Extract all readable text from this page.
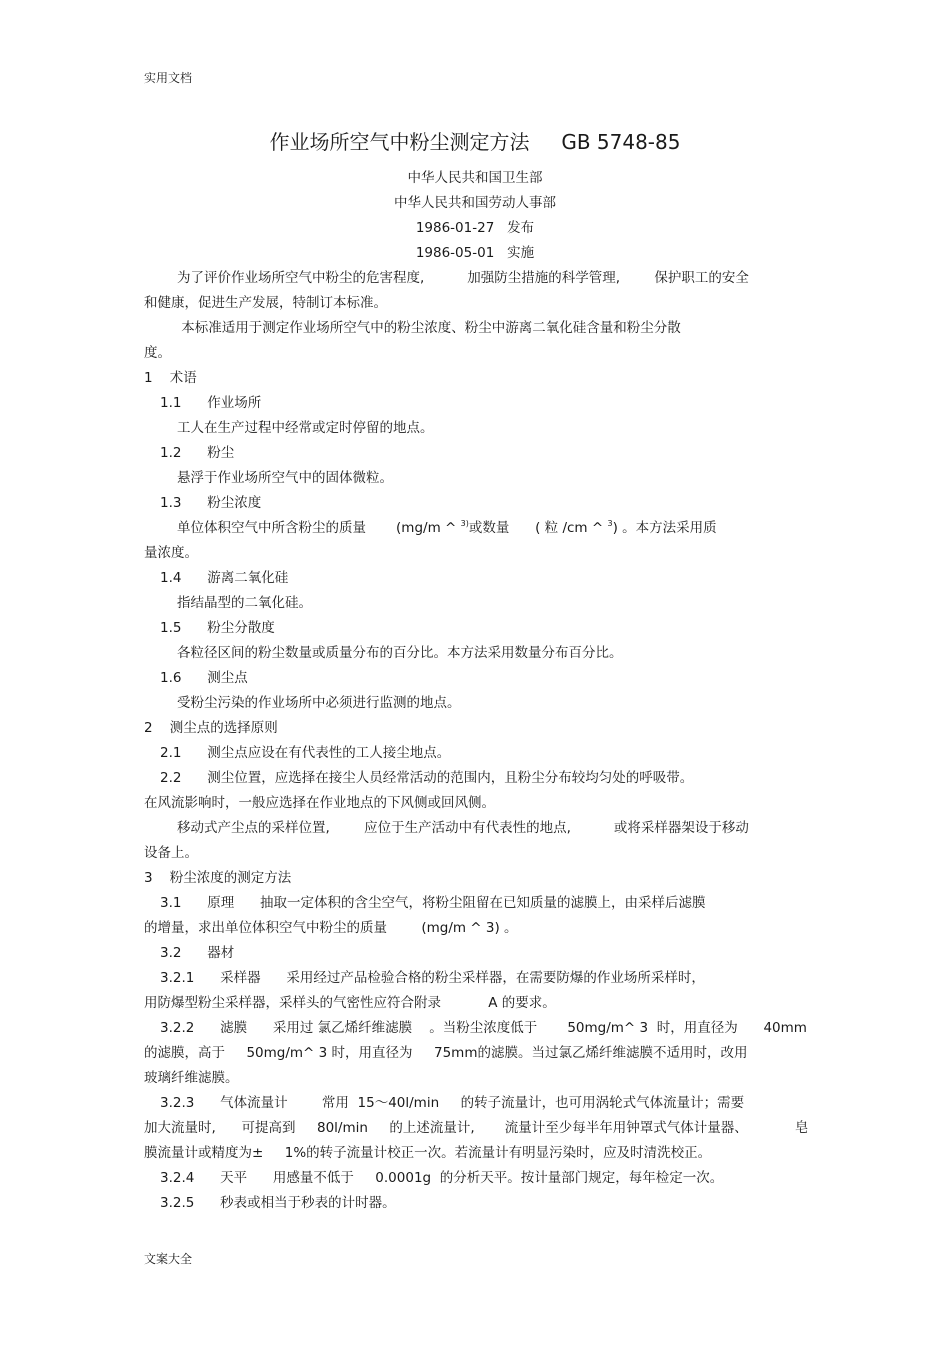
实用文档
作业场所空气中粉尘测定方法     GB 5748-85
中华人民共和国卫生部
中华人民共和国劳动人事部
1986-01-27   发布
1986-05-01   实施
为了评价作业场所空气中粉尘的危害程度,          加强防尘措施的科学管理,        保护职工的安全
和健康，促进生产发展，特制订本标准。
本标准适用于测定作业场所空气中的粉尘浓度、粉尘中游离二氧化硅含量和粉尘分散
度。
1    术语
1.1      作业场所
工人在生产过程中经常或定时停留的地点。
1.2      粉尘
悬浮于作业场所空气中的固体微粒。
1.3      粉尘浓度
单位体积空气中所含粉尘的质量       (mg/m ^ $^{3)}$或数量      ( 粒 /cm ^ $^3$) 。本方法采用质
量浓度。
1.4      游离二氧化硅
指结晶型的二氧化硅。
1.5      粉尘分散度
各粒径区间的粉尘数量或质量分布的百分比。本方法采用数量分布百分比。
1.6      测尘点
受粉尘污染的作业场所中必须进行监测的地点。
2    测尘点的选择原则
2.1      测尘点应设在有代表性的工人接尘地点。
2.2      测尘位置，应选择在接尘人员经常活动的范围内，且粉尘分布较均匀处的呼吸带。
在风流影响时，一般应选择在作业地点的下风侧或回风侧。
移动式产尘点的采样位置,        应位于生产活动中有代表性的地点,          或将采样器架设于移动
设备上。
3    粉尘浓度的测定方法
3.1      原理      抽取一定体积的含尘空气，将粉尘阻留在已知质量的滤膜上，由采样后滤膜
的增量，求出单位体积空气中粉尘的质量        (mg/m ^ 3) 。
3.2      器材
3.2.1      采样器      采用经过产品检验合格的粉尘采样器，在需要防爆的作业场所采样时，
用防爆型粉尘采样器，采样头的气密性应符合附录           A 的要求。
3.2.2      滤膜      采用过 氯乙烯纤维滤膜    。当粉尘浓度低于       50mg/m^ 3  时，用直径为      40mm
的滤膜，高于     50mg/m^ 3 时，用直径为     75mm的滤膜。当过氯乙烯纤维滤膜不适用时，改用
玻璃纤维滤膜。
3.2.3      气体流量计        常用  15～40l/min     的转子流量计，也可用涡轮式气体流量计；需要
加大流量时,      可提高到     80l/min     的上述流量计,       流量计至少每半年用钟罩式气体计量器、           皂
膜流量计或精度为±     1%的转子流量计校正一次。若流量计有明显污染时，应及时清洗校正。
3.2.4      天平      用感量不低于     0.0001g  的分析天平。按计量部门规定，每年检定一次。
3.2.5      秒表或相当于秒表的计时器。
文案大全
